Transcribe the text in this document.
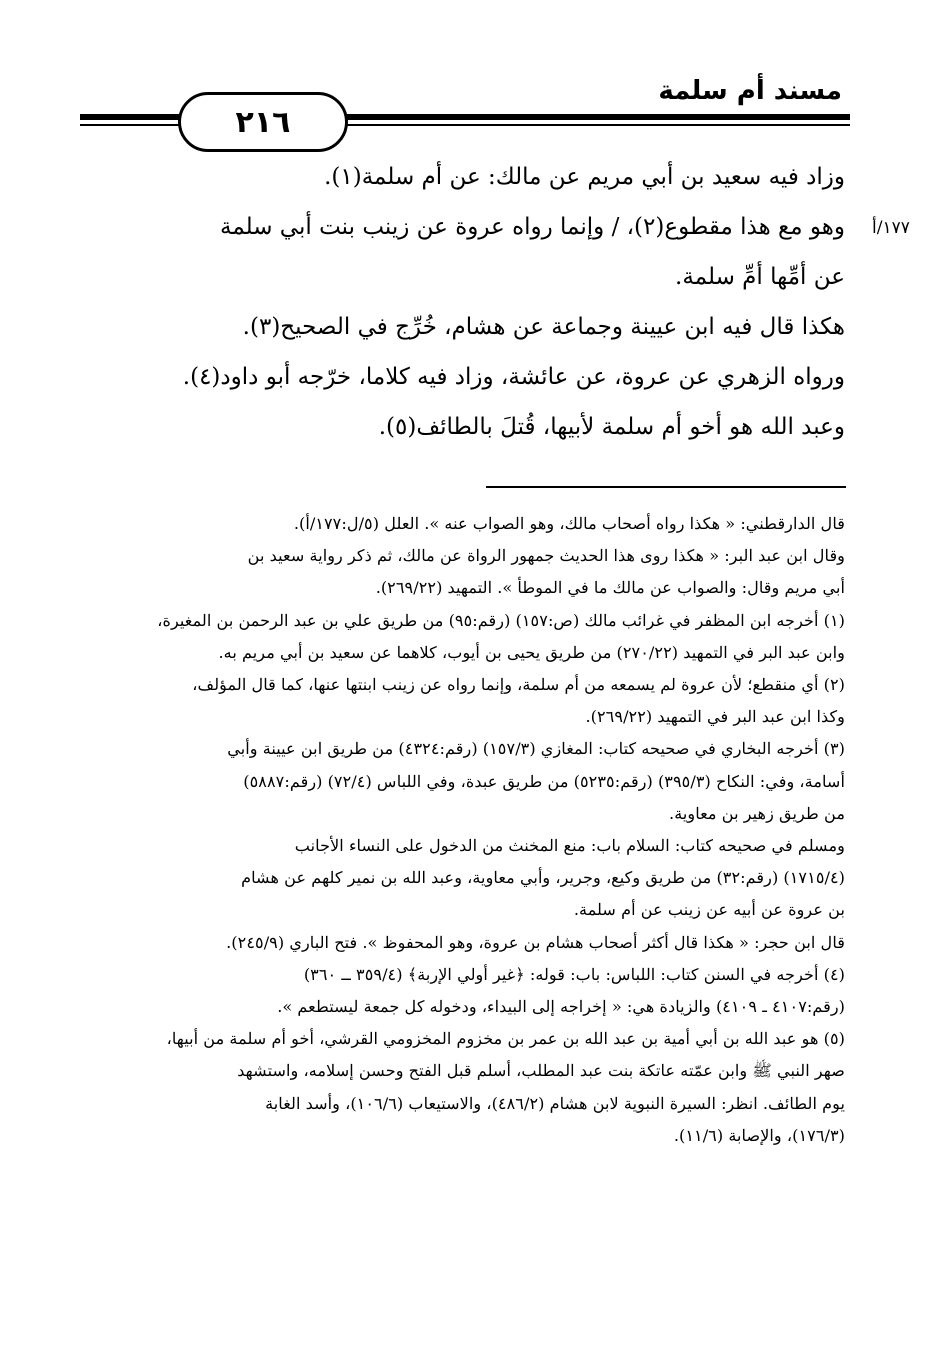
مسند أم سلمة
٢١٦
١٧٧/أ

وزاد فيه سعيد بن أبي مريم عن مالك: عن أم سلمة(١).

وهو مع هذا مقطوع(٢)، / وإنما رواه عروة عن زينب بنت أبي سلمة

عن أمِّها أمِّ سلمة.

هكذا قال فيه ابن عيينة وجماعة عن هشام، خُرِّج في الصحيح(٣).

ورواه الزهري عن عروة، عن عائشة، وزاد فيه كلاما، خرّجه أبو داود(٤).

وعبد الله هو أخو أم سلمة لأبيها، قُتلَ بالطائف(٥).

قال الدارقطني: « هكذا رواه أصحاب مالك، وهو الصواب عنه ». العلل (٥/ل:١٧٧/أ).

وقال ابن عبد البر: « هكذا روى هذا الحديث جمهور الرواة عن مالك، ثم ذكر رواية سعيد بن

أبي مريم وقال: والصواب عن مالك ما في الموطأ ». التمهيد (٢٦٩/٢٢).

(١) أخرجه ابن المظفر في غرائب مالك (ص:١٥٧) (رقم:٩٥) من طريق علي بن عبد الرحمن بن المغيرة،

وابن عبد البر في التمهيد (٢٧٠/٢٢) من طريق يحيى بن أيوب، كلاهما عن سعيد بن أبي مريم به.

(٢) أي منقطع؛ لأن عروة لم يسمعه من أم سلمة، وإنما رواه عن زينب ابنتها عنها، كما قال المؤلف،

وكذا ابن عبد البر في التمهيد (٢٦٩/٢٢).

(٣) أخرجه البخاري في صحيحه كتاب: المغازي (١٥٧/٣) (رقم:٤٣٢٤) من طريق ابن عيينة وأبي

أسامة، وفي: النكاح (٣٩٥/٣) (رقم:٥٢٣٥) من طريق عبدة، وفي اللباس (٧٢/٤) (رقم:٥٨٨٧)

من طريق زهير بن معاوية.

ومسلم في صحيحه كتاب: السلام باب: منع المخنث من الدخول على النساء الأجانب

(١٧١٥/٤) (رقم:٣٢) من طريق وكيع، وجرير، وأبي معاوية، وعبد الله بن نمير كلهم عن هشام

بن عروة عن أبيه عن زينب عن أم سلمة.

قال ابن حجر: « هكذا قال أكثر أصحاب هشام بن عروة، وهو المحفوظ ». فتح الباري (٢٤٥/٩).

(٤) أخرجه في السنن كتاب: اللباس: باب: قوله: ﴿غير أولي الإربة﴾ (٣٥٩/٤ ــ ٣٦٠)

(رقم:٤١٠٧ ـ ٤١٠٩) والزيادة هي: « إخراجه إلى البيداء، ودخوله كل جمعة ليستطعم ».

(٥) هو عبد الله بن أبي أمية بن عبد الله بن عمر بن مخزوم المخزومي القرشي، أخو أم سلمة من أبيها،

صهر النبي ﷺ وابن عمّته عاتكة بنت عبد المطلب، أسلم قبل الفتح وحسن إسلامه، واستشهد

يوم الطائف. انظر: السيرة النبوية لابن هشام (٤٨٦/٢)، والاستيعاب (١٠٦/٦)، وأسد الغابة

(١٧٦/٣)، والإصابة (١١/٦).
